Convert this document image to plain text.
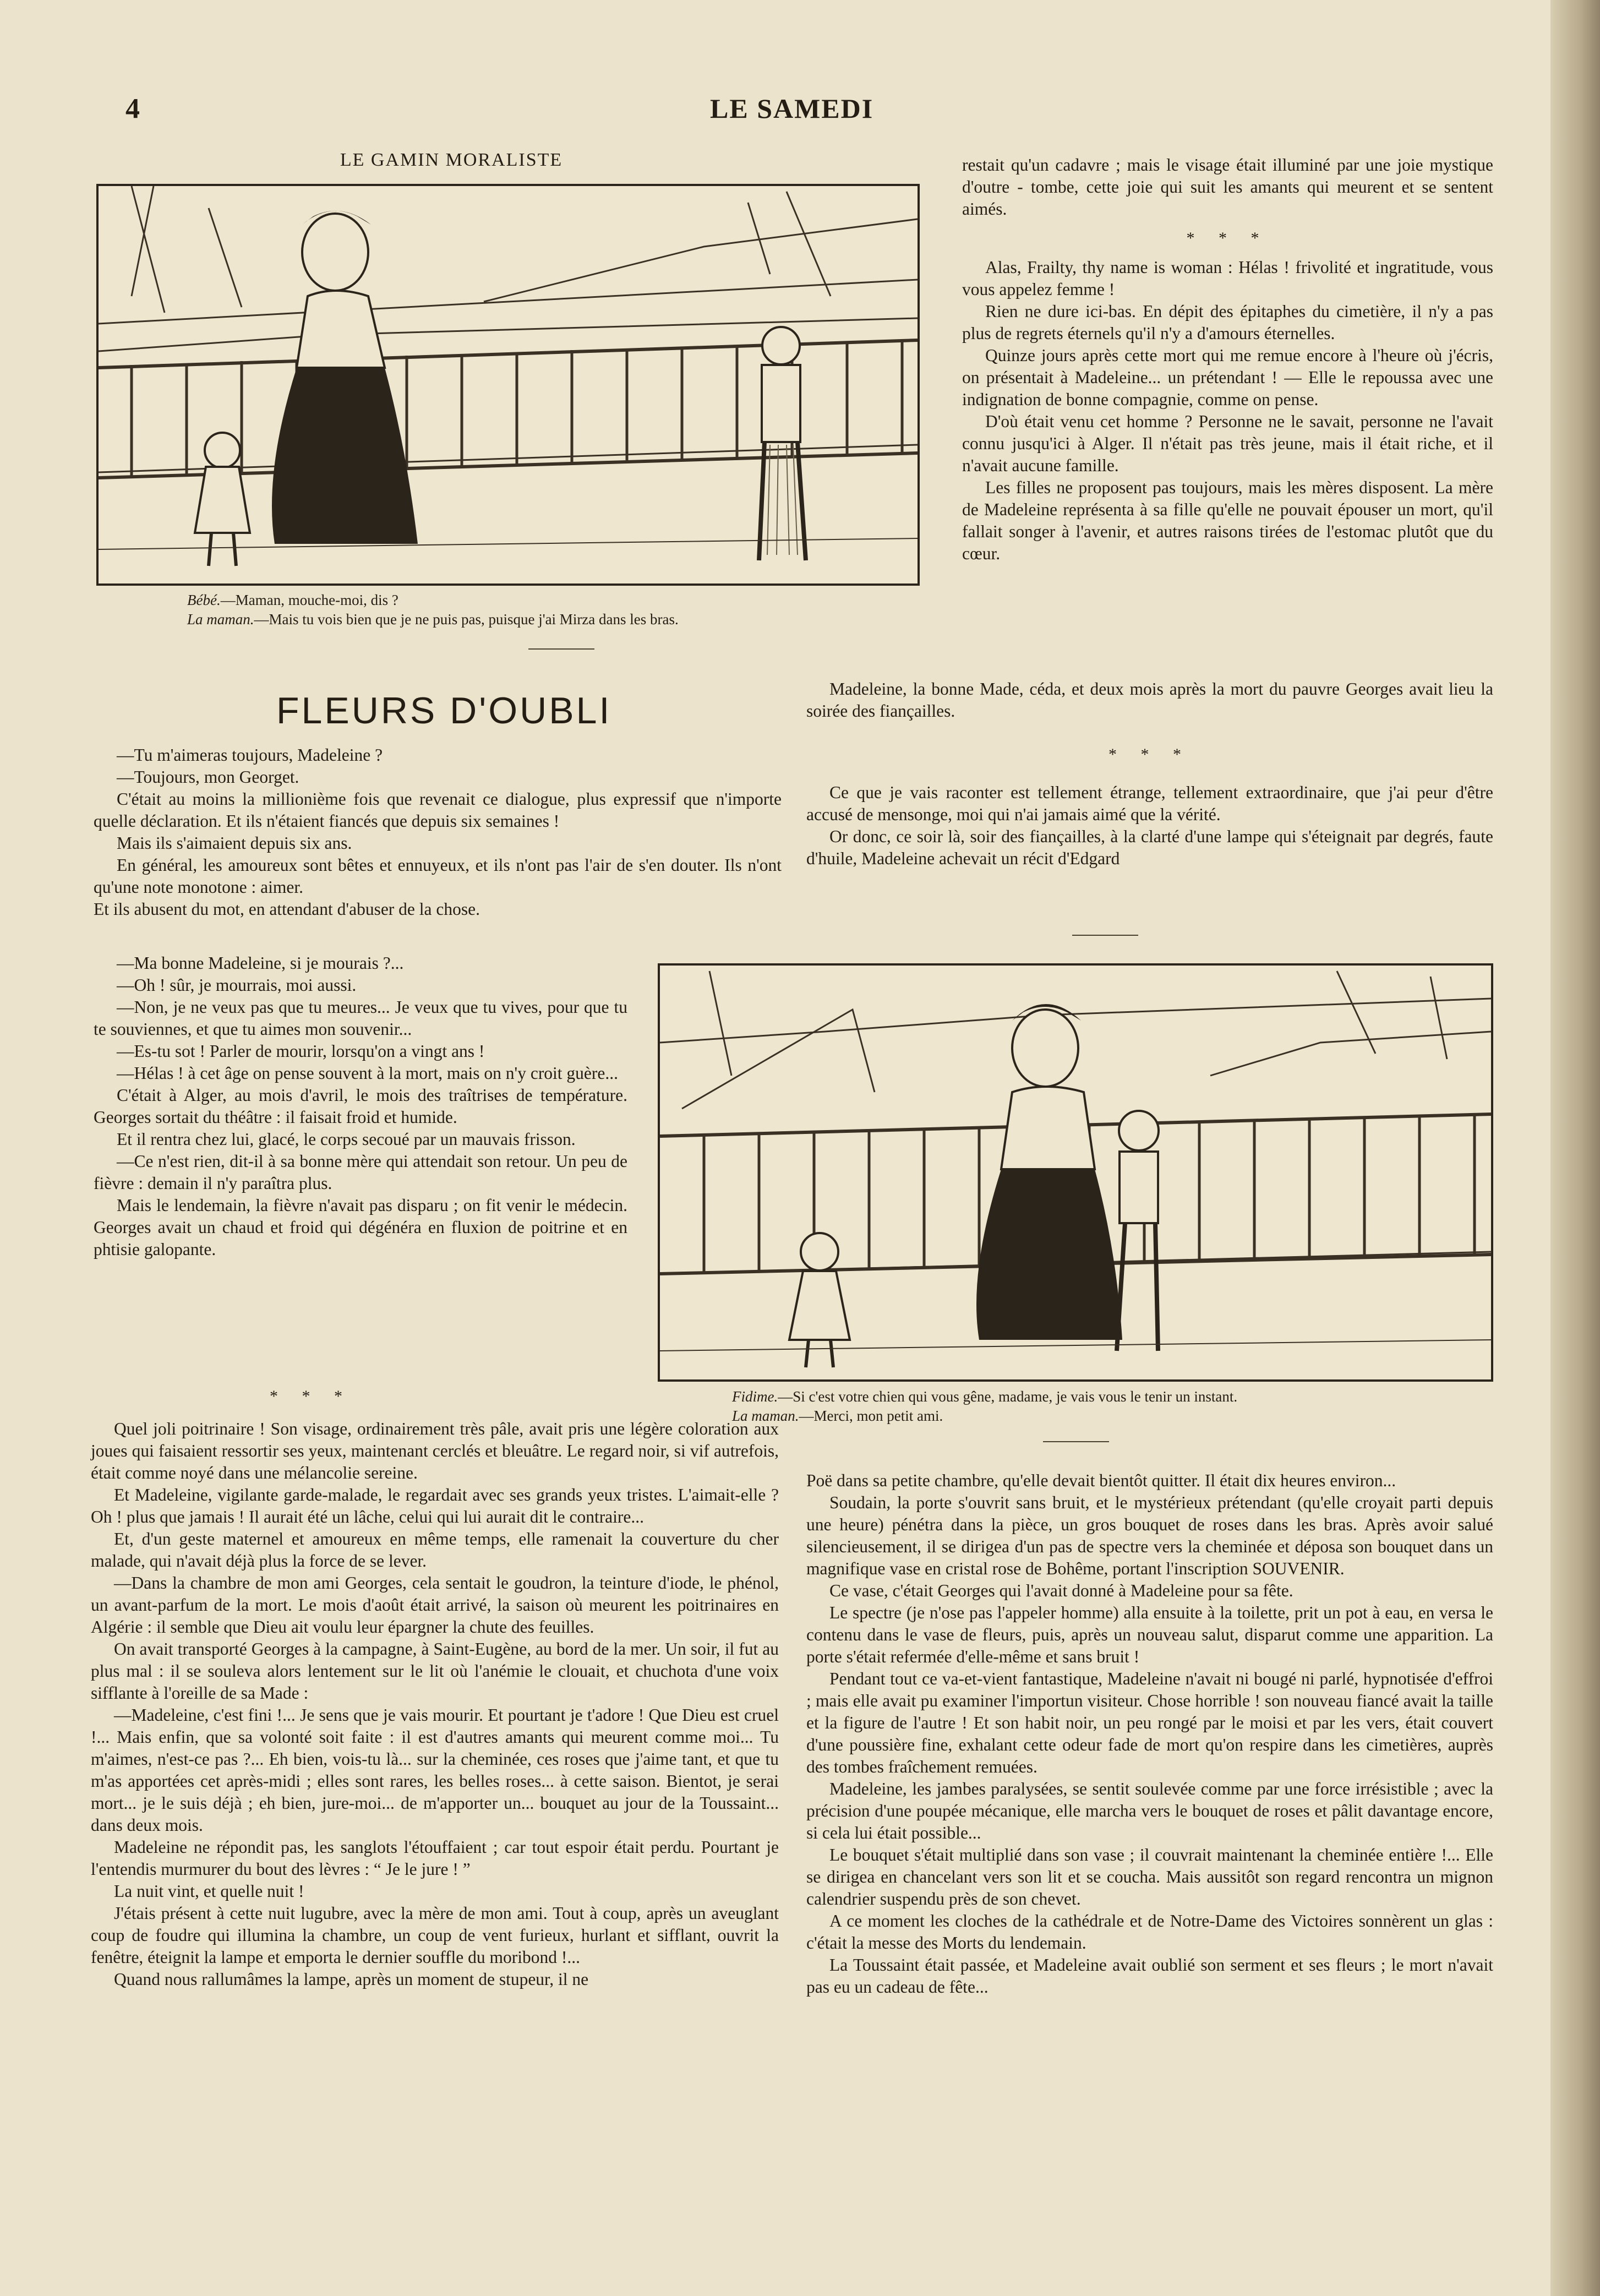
4	LE SAMEDI
LE GAMIN MORALISTE
Bébé.—Maman, mouche-moi, dis ?
La maman.—Mais tu vois bien que je ne puis pas, puisque j'ai Mirza dans les bras.
FLEURS D'OUBLI

restait qu'un cadavre ; mais le visage était illuminé par une joie mystique d'outre - tombe, cette joie qui suit les amants qui meurent et se sentent aimés.

* * *

Alas, Frailty, thy name is woman : Hélas ! frivolité et ingratitude, vous vous appelez femme !

Rien ne dure ici-bas. En dépit des épitaphes du cimetière, il n'y a pas plus de regrets éternels qu'il n'y a d'amours éternelles.

Quinze jours après cette mort qui me remue encore à l'heure où j'écris, on présentait à Madeleine... un prétendant ! — Elle le repoussa avec une indignation de bonne compagnie, comme on pense.

D'où était venu cet homme ? Personne ne le savait, personne ne l'avait connu jusqu'ici à Alger. Il n'était pas très jeune, mais il était riche, et il n'avait aucune famille.

Les filles ne proposent pas toujours, mais les mères disposent. La mère de Madeleine représenta à sa fille qu'elle ne pouvait épouser un mort, qu'il fallait songer à l'avenir, et autres raisons tirées de l'estomac plutôt que du cœur.

Madeleine, la bonne Made, céda, et deux mois après la mort du pauvre Georges avait lieu la soirée des fiançailles.

* * *

Ce que je vais raconter est tellement étrange, tellement extraordinaire, que j'ai peur d'être accusé de mensonge, moi qui n'ai jamais aimé que la vérité.

Or donc, ce soir là, soir des fiançailles, à la clarté d'une lampe qui s'éteignait par degrés, faute d'huile, Madeleine achevait un récit d'Edgard

—Tu m'aimeras toujours, Madeleine ?

—Toujours, mon Georget.

C'était au moins la millionième fois que revenait ce dialogue, plus expressif que n'importe quelle déclaration. Et ils n'étaient fiancés que depuis six semaines !

Mais ils s'aimaient depuis six ans.

En général, les amoureux sont bêtes et ennuyeux, et ils n'ont pas l'air de s'en douter. Ils n'ont qu'une note monotone : aimer.

Et ils abusent du mot, en attendant d'abuser de la chose.

—Ma bonne Madeleine, si je mourais ?...

—Oh ! sûr, je mourrais, moi aussi.

—Non, je ne veux pas que tu meures... Je veux que tu vives, pour que tu te souviennes, et que tu aimes mon souvenir...

—Es-tu sot ! Parler de mourir, lorsqu'on a vingt ans !

—Hélas ! à cet âge on pense souvent à la mort, mais on n'y croit guère...

C'était à Alger, au mois d'avril, le mois des traîtrises de température. Georges sortait du théâtre : il faisait froid et humide.

Et il rentra chez lui, glacé, le corps secoué par un mauvais frisson.

—Ce n'est rien, dit-il à sa bonne mère qui attendait son retour. Un peu de fièvre : demain il n'y paraîtra plus.

Mais le lendemain, la fièvre n'avait pas disparu ; on fit venir le médecin. Georges avait un chaud et froid qui dégénéra en fluxion de poitrine et en phtisie galopante.

Fidime.—Si c'est votre chien qui vous gêne, madame, je vais vous le tenir un instant.
La maman.—Merci, mon petit ami.
* * *

Quel joli poitrinaire ! Son visage, ordinairement très pâle, avait pris une légère coloration aux joues qui faisaient ressortir ses yeux, maintenant cerclés et bleuâtre. Le regard noir, si vif autrefois, était comme noyé dans une mélancolie sereine.

Et Madeleine, vigilante garde-malade, le regardait avec ses grands yeux tristes. L'aimait-elle ? Oh ! plus que jamais ! Il aurait été un lâche, celui qui lui aurait dit le contraire...

Et, d'un geste maternel et amoureux en même temps, elle ramenait la couverture du cher malade, qui n'avait déjà plus la force de se lever.

—Dans la chambre de mon ami Georges, cela sentait le goudron, la teinture d'iode, le phénol, un avant-parfum de la mort. Le mois d'août était arrivé, la saison où meurent les poitrinaires en Algérie : il semble que Dieu ait voulu leur épargner la chute des feuilles.

On avait transporté Georges à la campagne, à Saint-Eugène, au bord de la mer. Un soir, il fut au plus mal : il se souleva alors lentement sur le lit où l'anémie le clouait, et chuchota d'une voix sifflante à l'oreille de sa Made :

—Madeleine, c'est fini !... Je sens que je vais mourir. Et pourtant je t'adore ! Que Dieu est cruel !... Mais enfin, que sa volonté soit faite : il est d'autres amants qui meurent comme moi... Tu m'aimes, n'est-ce pas ?... Eh bien, vois-tu là... sur la cheminée, ces roses que j'aime tant, et que tu m'as apportées cet après-midi ; elles sont rares, les belles roses... à cette saison. Bientot, je serai mort... je le suis déjà ; eh bien, jure-moi... de m'apporter un... bouquet au jour de la Toussaint... dans deux mois.

Madeleine ne répondit pas, les sanglots l'étouffaient ; car tout espoir était perdu. Pourtant je l'entendis murmurer du bout des lèvres : “ Je le jure ! ”

La nuit vint, et quelle nuit !

J'étais présent à cette nuit lugubre, avec la mère de mon ami. Tout à coup, après un aveuglant coup de foudre qui illumina la chambre, un coup de vent furieux, hurlant et sifflant, ouvrit la fenêtre, éteignit la lampe et emporta le dernier souffle du moribond !...

Quand nous rallumâmes la lampe, après un moment de stupeur, il ne

Poë dans sa petite chambre, qu'elle devait bientôt quitter. Il était dix heures environ...

Soudain, la porte s'ouvrit sans bruit, et le mystérieux prétendant (qu'elle croyait parti depuis une heure) pénétra dans la pièce, un gros bouquet de roses dans les bras. Après avoir salué silencieusement, il se dirigea d'un pas de spectre vers la cheminée et déposa son bouquet dans un magnifique vase en cristal rose de Bohême, portant l'inscription SOUVENIR.

Ce vase, c'était Georges qui l'avait donné à Madeleine pour sa fête.

Le spectre (je n'ose pas l'appeler homme) alla ensuite à la toilette, prit un pot à eau, en versa le contenu dans le vase de fleurs, puis, après un nouveau salut, disparut comme une apparition. La porte s'était refermée d'elle-même et sans bruit !

Pendant tout ce va-et-vient fantastique, Madeleine n'avait ni bougé ni parlé, hypnotisée d'effroi ; mais elle avait pu examiner l'importun visiteur. Chose horrible ! son nouveau fiancé avait la taille et la figure de l'autre ! Et son habit noir, un peu rongé par le moisi et par les vers, était couvert d'une poussière fine, exhalant cette odeur fade de mort qu'on respire dans les cimetières, auprès des tombes fraîchement remuées.

Madeleine, les jambes paralysées, se sentit soulevée comme par une force irrésistible ; avec la précision d'une poupée mécanique, elle marcha vers le bouquet de roses et pâlit davantage encore, si cela lui était possible...

Le bouquet s'était multiplié dans son vase ; il couvrait maintenant la cheminée entière !... Elle se dirigea en chancelant vers son lit et se coucha. Mais aussitôt son regard rencontra un mignon calendrier suspendu près de son chevet.

A ce moment les cloches de la cathédrale et de Notre-Dame des Victoires sonnèrent un glas : c'était la messe des Morts du lendemain.

La Toussaint était passée, et Madeleine avait oublié son serment et ses fleurs ; le mort n'avait pas eu un cadeau de fête...
